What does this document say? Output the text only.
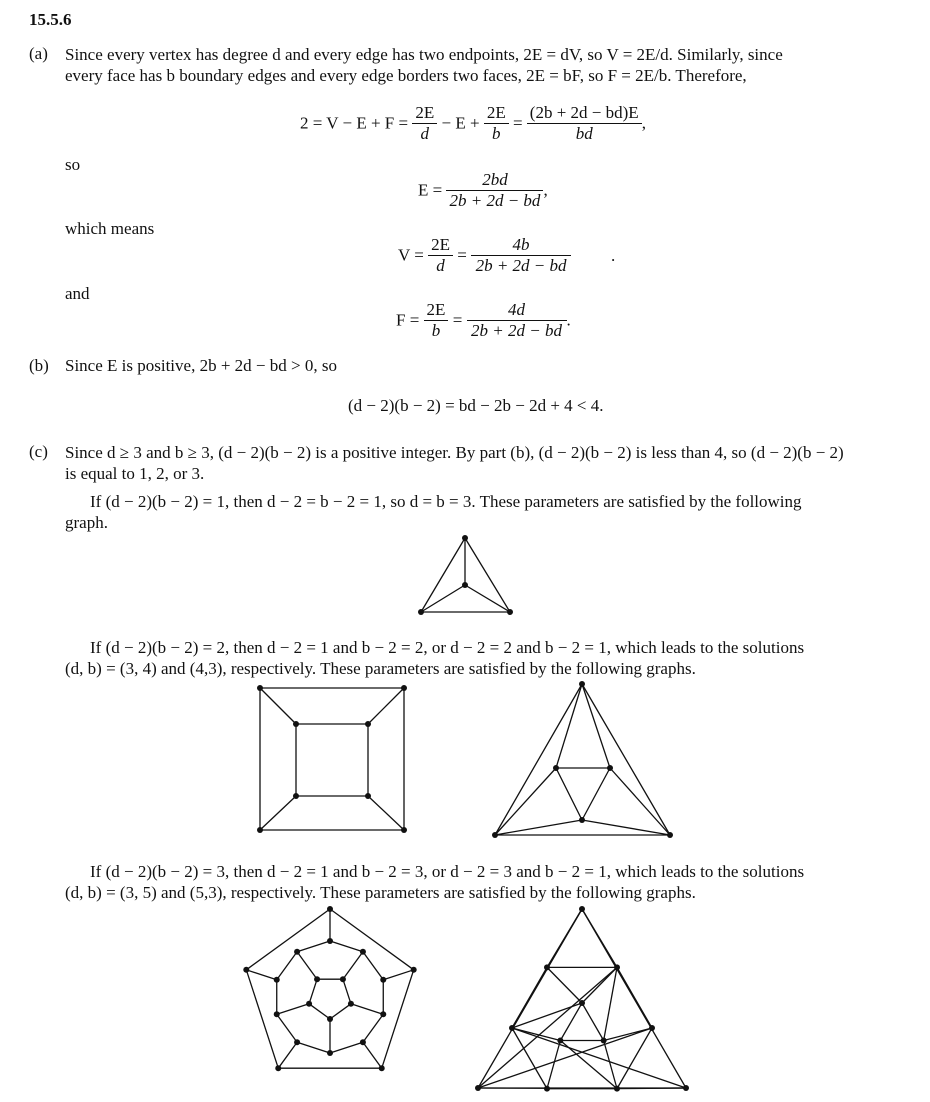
15.5.6
(a) Since every vertex has degree d and every edge has two endpoints, 2E = dV, so V = 2E/d. Similarly, since
every face has b boundary edges and every edge borders two faces, 2E = bF, so F = 2E/b. Therefore,
$2 = V - E + F = \frac{2E}{d} - E + \frac{2E}{b} = \frac{(2b + 2d - bd)E}{bd}$ ,
so
$E = \frac{2bd}{2b + 2d - bd}$ ,
which means
$V = \frac{2E}{d} = \frac{4b}{2b + 2d - bd}$ .
and
$F = \frac{2E}{b} = \frac{4d}{2b + 2d - bd}$ .
(b) Since E is positive, 2b + 2d − bd > 0, so
(d − 2)(b − 2) = bd − 2b − 2d + 4 < 4.
(c) Since d ≥ 3 and b ≥ 3, (d − 2)(b − 2) is a positive integer. By part (b), (d − 2)(b − 2) is less than 4, so (d − 2)(b − 2)
is equal to 1, 2, or 3.
If (d − 2)(b − 2) = 1, then d − 2 = b − 2 = 1, so d = b = 3. These parameters are satisfied by the following
graph.
If (d − 2)(b − 2) = 2, then d − 2 = 1 and b − 2 = 2, or d − 2 = 2 and b − 2 = 1, which leads to the solutions
(d, b) = (3, 4) and (4,3), respectively. These parameters are satisfied by the following graphs.
If (d − 2)(b − 2) = 3, then d − 2 = 1 and b − 2 = 3, or d − 2 = 3 and b − 2 = 1, which leads to the solutions
(d, b) = (3, 5) and (5,3), respectively. These parameters are satisfied by the following graphs.
